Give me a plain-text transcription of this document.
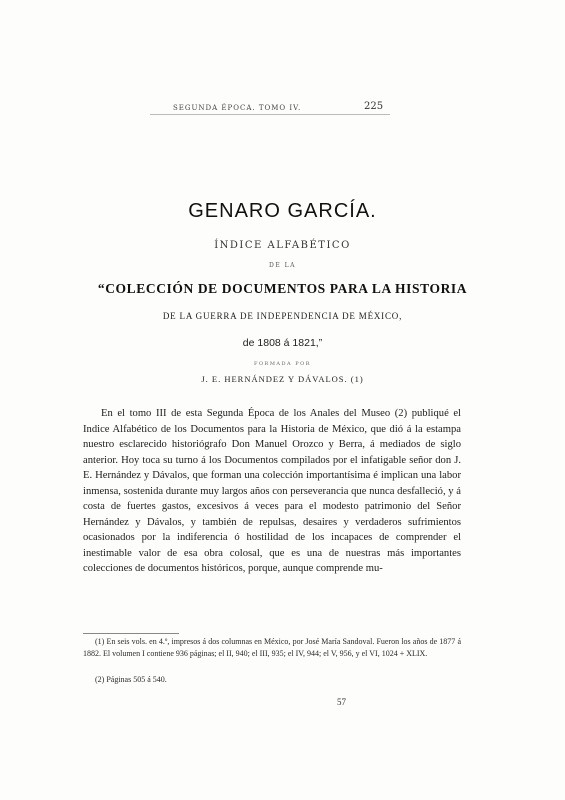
SEGUNDA ÉPOCA. TOMO IV.	225
GENARO GARCÍA.
ÍNDICE ALFABÉTICO
DE LA
“COLECCIÓN DE DOCUMENTOS PARA LA HISTORIA
DE LA GUERRA DE INDEPENDENCIA DE MÉXICO,
de 1808 á 1821,”
FORMADA POR
J. E. HERNÁNDEZ Y DÁVALOS. (1)

En el tomo III de esta Segunda Época de los Anales del Museo (2) publiqué el Indice Alfabético de los Documentos para la Historia de México, que dió á la estampa nuestro esclarecido historiógrafo Don Manuel Orozco y Berra, á mediados de siglo anterior. Hoy toca su turno á los Documentos compilados por el infatigable señor don J. E. Hernández y Dávalos, que forman una colección importantísima é implican una labor inmensa, sostenida durante muy largos años con perseverancia que nunca desfalleció, y á costa de fuertes gastos, excesivos á veces para el modesto patrimonio del Señor Hernández y Dávalos, y también de repulsas, desaires y verdaderos sufrimientos ocasionados por la indiferencia ó hostilidad de los incapaces de comprender el inestimable valor de esa obra colosal, que es una de nuestras más importantes colecciones de documentos históricos, porque, aunque comprende mu-

(1) En seis vols. en 4.º, impresos á dos columnas en México, por José María Sandoval. Fueron los años de 1877 á 1882. El volumen I contiene 936 páginas; el II, 940; el III, 935; el IV, 944; el V, 956, y el VI, 1024 + XLIX.

(2) Páginas 505 á 540.

57
